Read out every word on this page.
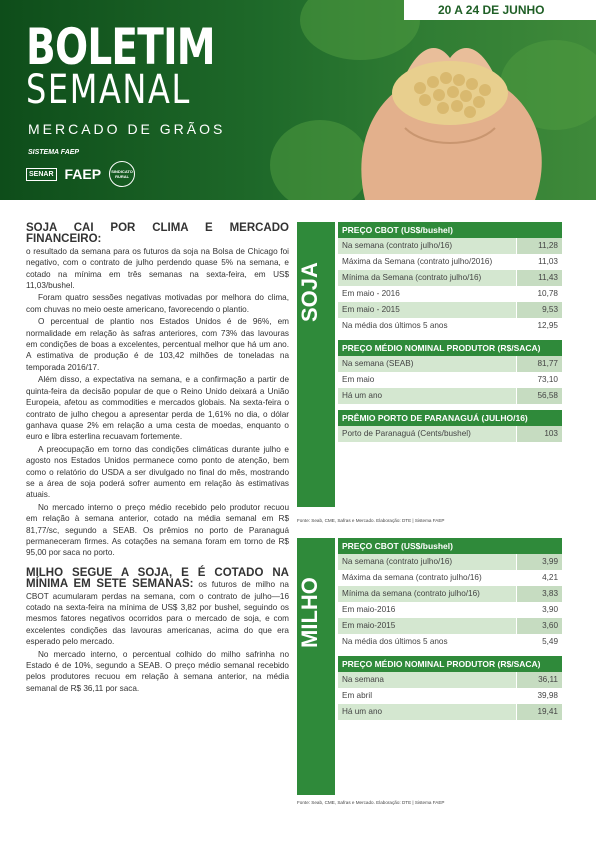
20 A 24 DE JUNHO
BOLETIM
SEMANAL
MERCADO DE GRÃOS
SISTEMA FAEP
SENAR FAEP	SINDICATO RURAL

SOJA CAI POR CLIMA E MERCADO FINANCEIRO:
o resultado da semana para os futuros da soja na Bolsa de Chicago foi negativo, com o contrato de julho perdendo quase 5% na semana, e cotado na mínima em três semanas na sexta-feira, em US$ 11,03/bushel.

Foram quatro sessões negativas motivadas por melhora do clima, com chuvas no meio oeste americano, favorecendo o plantio.

O percentual de plantio nos Estados Unidos é de 96%, em normalidade em relação às safras anteriores, com 73% das lavouras em condições de boas a excelentes, percentual melhor que há um ano. A estimativa de produção é de 103,42 milhões de toneladas na temporada 2016/17.

Além disso, a expectativa na semana, e a confirmação a partir de quinta-feira da decisão popular de que o Reino Unido deixará a União Europeia, afetou as commodities e mercados globais. Na sexta-feira o contrato de julho chegou a apresentar perda de 1,61% no dia, o dólar ganhava quase 2% em relação a uma cesta de moedas, enquanto o euro e libra esterlina recuavam fortemente.

A preocupação em torno das condições climáticas durante julho e agosto nos Estados Unidos permanece como ponto de atenção, bem como o relatório do USDA a ser divulgado no final do mês, mostrando se a área de soja poderá sofrer aumento em relação às estimativas atuais.

No mercado interno o preço médio recebido pelo produtor recuou em relação à semana anterior, cotado na média semanal em R$ 81,77/sc, segundo a SEAB. Os prêmios no porto de Paranaguá permaneceram firmes. As cotações na semana foram em torno de R$ 95,00 por saca no porto.

MILHO SEGUE A SOJA, E É COTADO NA MÍNIMA EM SETE SEMANAS: os futuros de milho na CBOT acumularam perdas na semana, com o contrato de julho—16 cotado na sexta-feira na mínima de US$ 3,82 por bushel, seguindo os mesmos fatores negativos ocorridos para o mercado de soja, e com excelentes condições das lavouras americanas, acima do que era esperado pelo mercado.

No mercado interno, o percentual colhido do milho safrinha no Estado é de 10%, segundo a SEAB. O preço médio semanal recebido pelos produtores recuou em relação à semana anterior, na média semanal de R$ 36,11 por saca.

SOJA
PREÇO CBOT (US$/bushel)
Na semana (contrato julho/16)	11,28
Máxima da Semana (contrato julho/2016)	11,03
Mínima da Semana (contrato julho/16)	11,43
Em maio - 2016	10,78
Em maio - 2015	9,53
Na média dos últimos 5 anos	12,95
PREÇO MÉDIO NOMINAL PRODUTOR (R$/SACA)
Na semana (SEAB)	81,77
Em maio	73,10
Há um ano	56,58
PRÊMIO PORTO DE PARANAGUÁ (JULHO/16)
Porto de Paranaguá (Cents/bushel)	103
Fonte: Seab, CME, Safras e Mercado. Elaboração: DTE | Sistema FAEP
MILHO
PREÇO CBOT (US$/bushel)
Na semana (contrato julho/16)	3,99
Máxima da semana (contrato julho/16)	4,21
Mínima da semana (contrato julho/16)	3,83
Em maio-2016	3,90
Em maio-2015	3,60
Na média dos últimos 5 anos	5,49
PREÇO MÉDIO NOMINAL PRODUTOR (R$/SACA)
Na semana	36,11
Em abril	39,98
Há um ano	19,41
Fonte: Seab, CME, Safras e Mercado. Elaboração: DTE | Sistema FAEP
